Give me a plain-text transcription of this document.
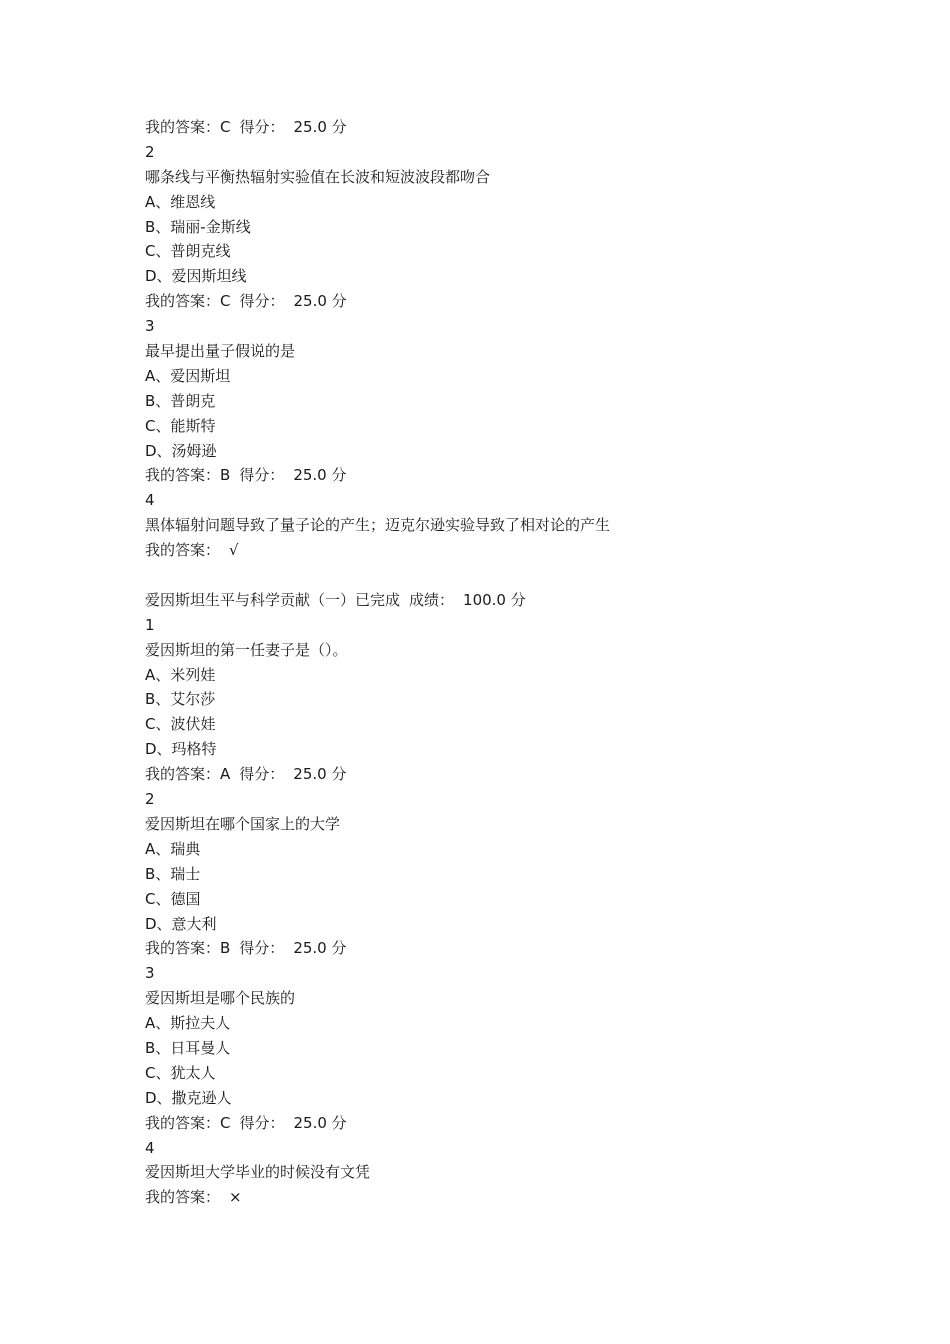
我的答案：C 得分： 25.0 分
2
哪条线与平衡热辐射实验值在长波和短波波段都吻合
A、维恩线
B、瑞丽-金斯线
C、普朗克线
D、爱因斯坦线
我的答案：C 得分： 25.0 分
3
最早提出量子假说的是
A、爱因斯坦
B、普朗克
C、能斯特
D、汤姆逊
我的答案：B 得分： 25.0 分
4
黑体辐射问题导致了量子论的产生；迈克尔逊实验导致了相对论的产生
我的答案： √
爱因斯坦生平与科学贡献（一）已完成 成绩： 100.0 分
1
爱因斯坦的第一任妻子是（）。
A、米列娃
B、艾尔莎
C、波伏娃
D、玛格特
我的答案：A 得分： 25.0 分
2
爱因斯坦在哪个国家上的大学
A、瑞典
B、瑞士
C、德国
D、意大利
我的答案：B 得分： 25.0 分
3
爱因斯坦是哪个民族的
A、斯拉夫人
B、日耳曼人
C、犹太人
D、撒克逊人
我的答案：C 得分： 25.0 分
4
爱因斯坦大学毕业的时候没有文凭
我的答案： ×
